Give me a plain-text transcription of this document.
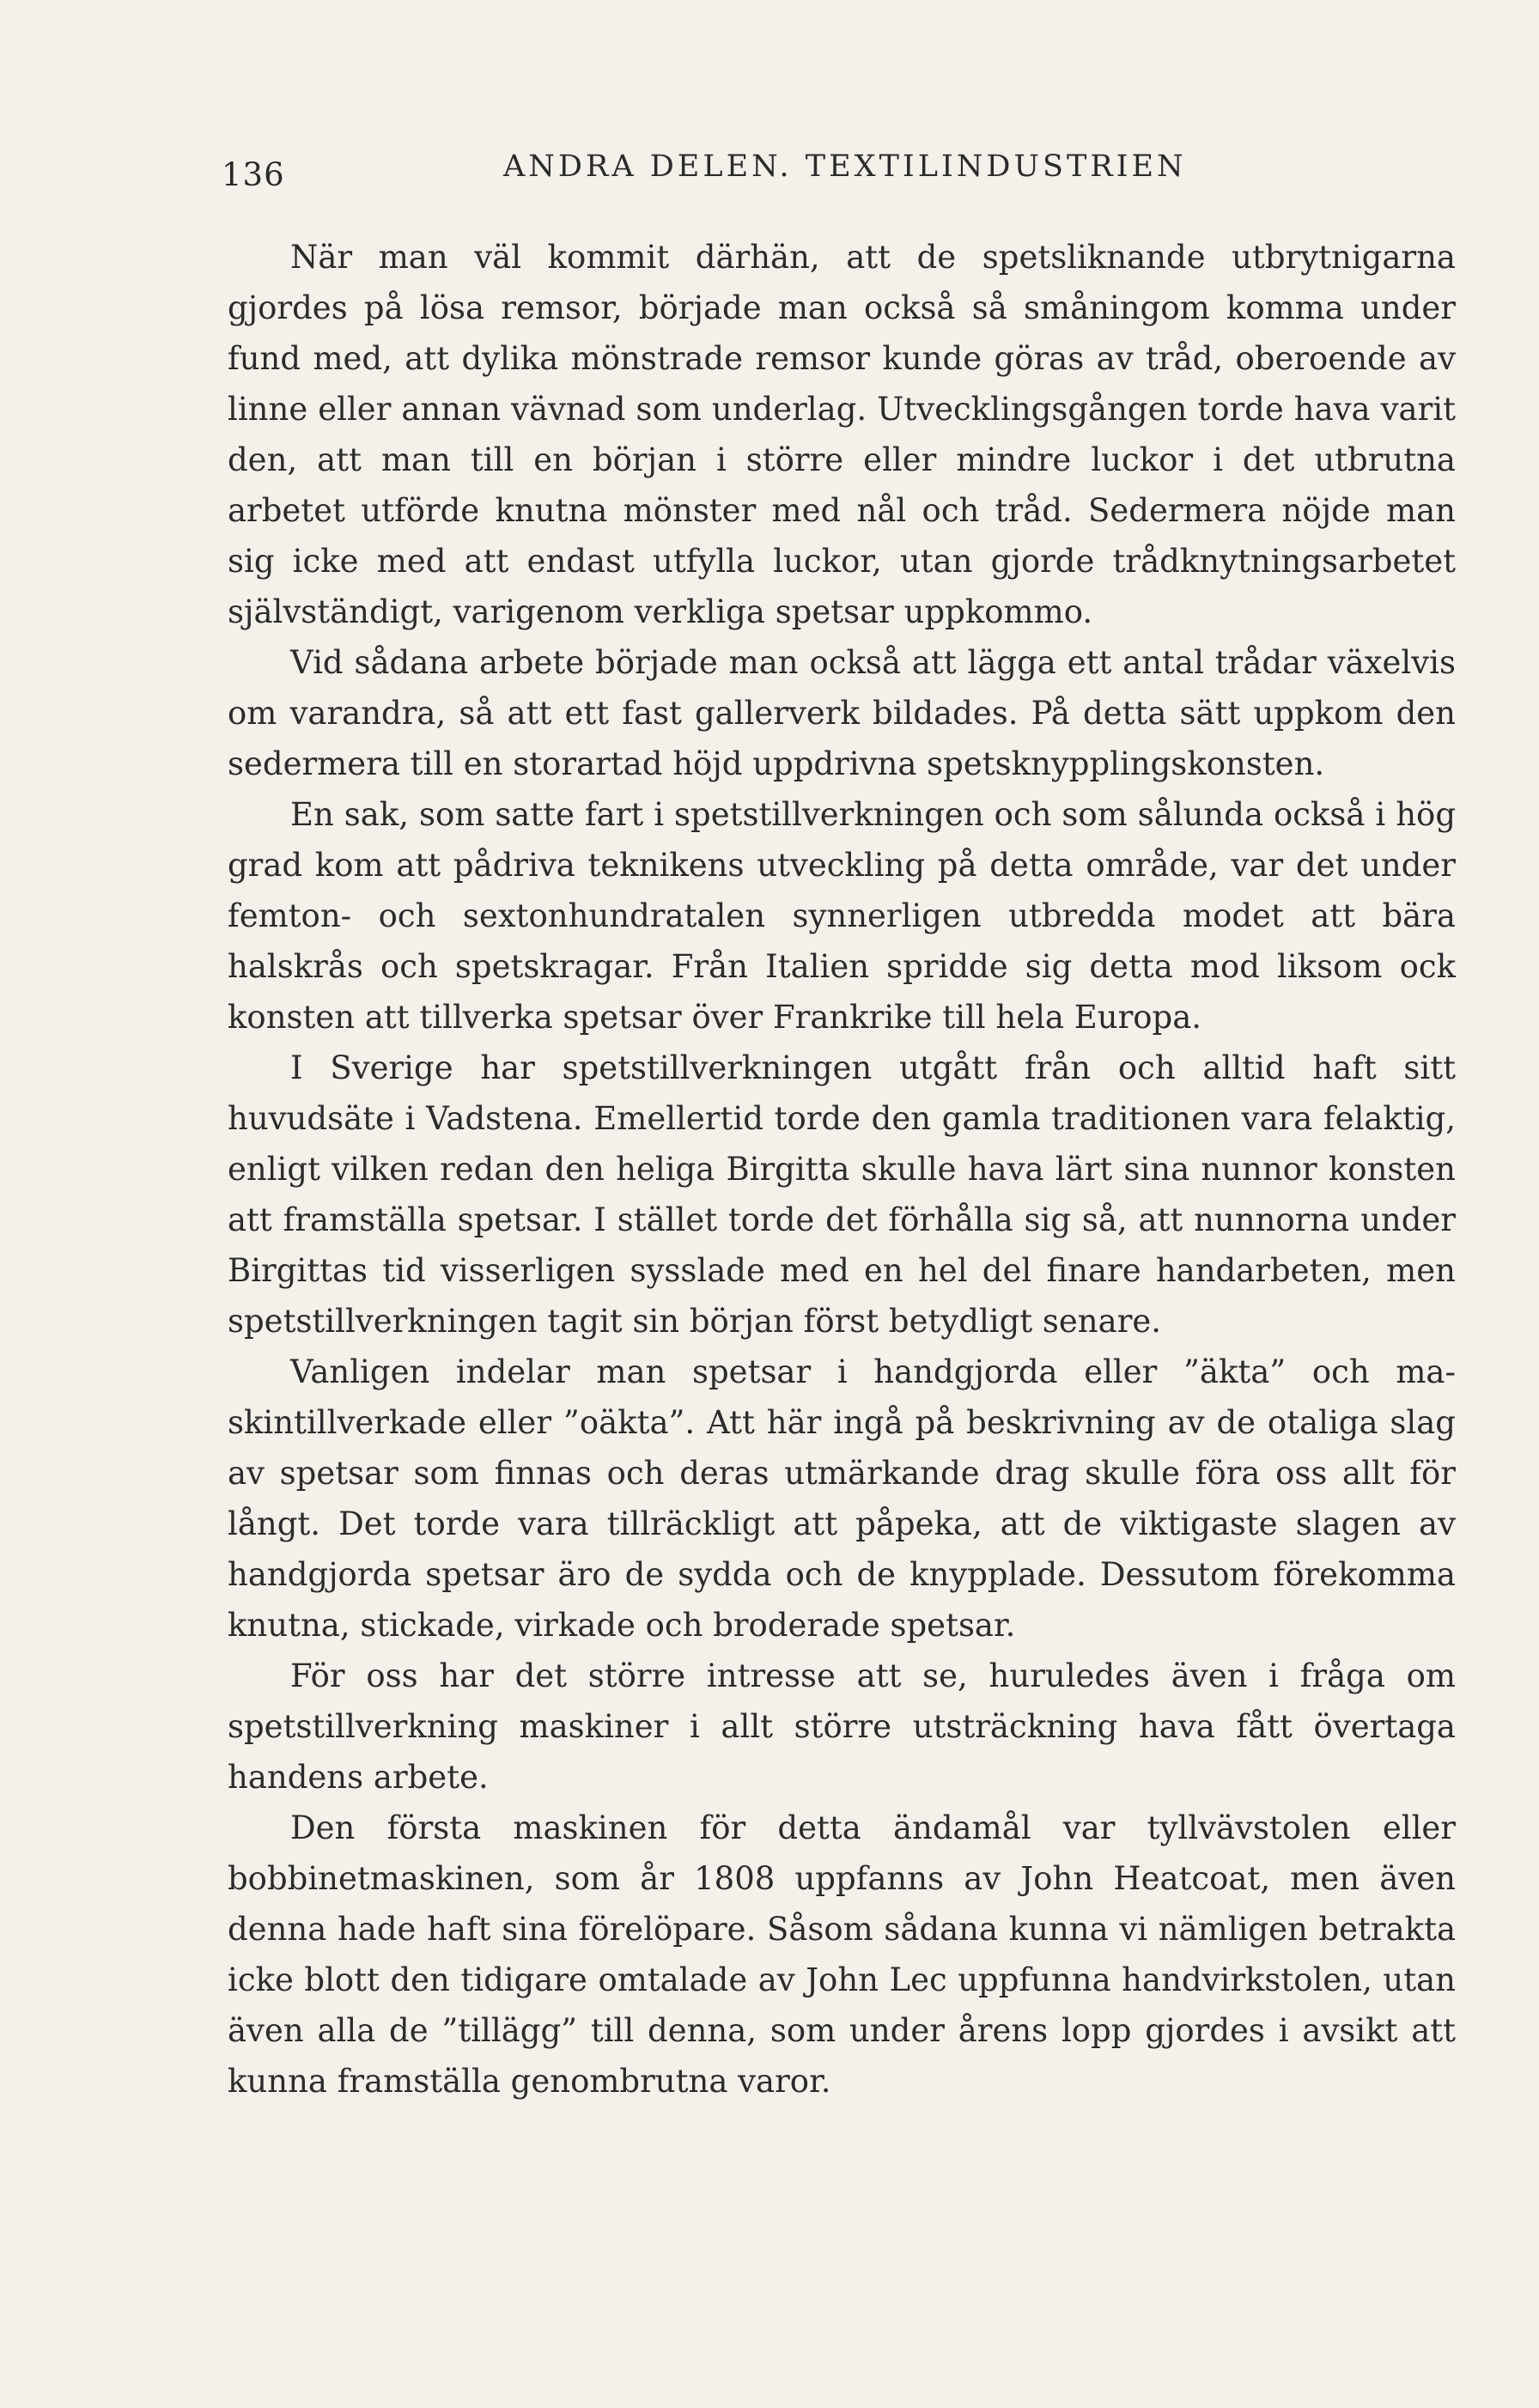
136	ANDRA DELEN. TEXTILINDUSTRIEN

När man väl kommit därhän, att de spetsliknande utbrytnigarna gjordes på lösa remsor, började man också så småningom komma under fund med, att dylika mönstrade remsor kunde göras av tråd, oberoende av linne eller annan vävnad som underlag. Utvecklingsgången torde hava varit den, att man till en början i större eller mindre luckor i det utbrutna arbetet utförde knutna mönster med nål och tråd. Sedermera nöjde man sig icke med att endast utfylla luckor, utan gjorde trådknytningsarbetet självständigt, varigenom verkliga spetsar uppkommo.

Vid sådana arbete började man också att lägga ett antal trådar växelvis om varandra, så att ett fast gallerverk bildades. På detta sätt uppkom den sedermera till en storartad höjd uppdrivna spetsknypplingskonsten.

En sak, som satte fart i spetstillverkningen och som sålunda också i hög grad kom att pådriva teknikens utveckling på detta område, var det under femton- och sextonhundratalen synnerligen utbredda modet att bära halskrås och spetskragar. Från Italien spridde sig detta mod liksom ock konsten att tillverka spetsar över Frankrike till hela Europa.

I Sverige har spetstillverkningen utgått från och alltid haft sitt huvudsäte i Vadstena. Emellertid torde den gamla traditionen vara felaktig, enligt vilken redan den heliga Birgitta skulle hava lärt sina nunnor konsten att framställa spetsar. I stället torde det förhålla sig så, att nunnorna under Birgittas tid visserligen sysslade med en hel del finare handarbeten, men spetstillverkningen tagit sin början först betydligt senare.

Vanligen indelar man spetsar i handgjorda eller ”äkta” och maskintillverkade eller ”oäkta”. Att här ingå på beskrivning av de otaliga slag av spetsar som finnas och deras utmärkande drag skulle föra oss allt för långt. Det torde vara tillräckligt att påpeka, att de viktigaste slagen av handgjorda spetsar äro de sydda och de knypplade. Dessutom förekomma knutna, stickade, virkade och broderade spetsar.

För oss har det större intresse att se, huruledes även i fråga om spetstillverkning maskiner i allt större utsträckning hava fått övertaga handens arbete.

Den första maskinen för detta ändamål var tyllvävstolen eller bobbinetmaskinen, som år 1808 uppfanns av John Heatcoat, men även denna hade haft sina förelöpare. Såsom sådana kunna vi nämligen betrakta icke blott den tidigare omtalade av John Lec uppfunna handvirkstolen, utan även alla de ”tillägg” till denna, som under årens lopp gjordes i avsikt att kunna framställa genombrutna varor.
